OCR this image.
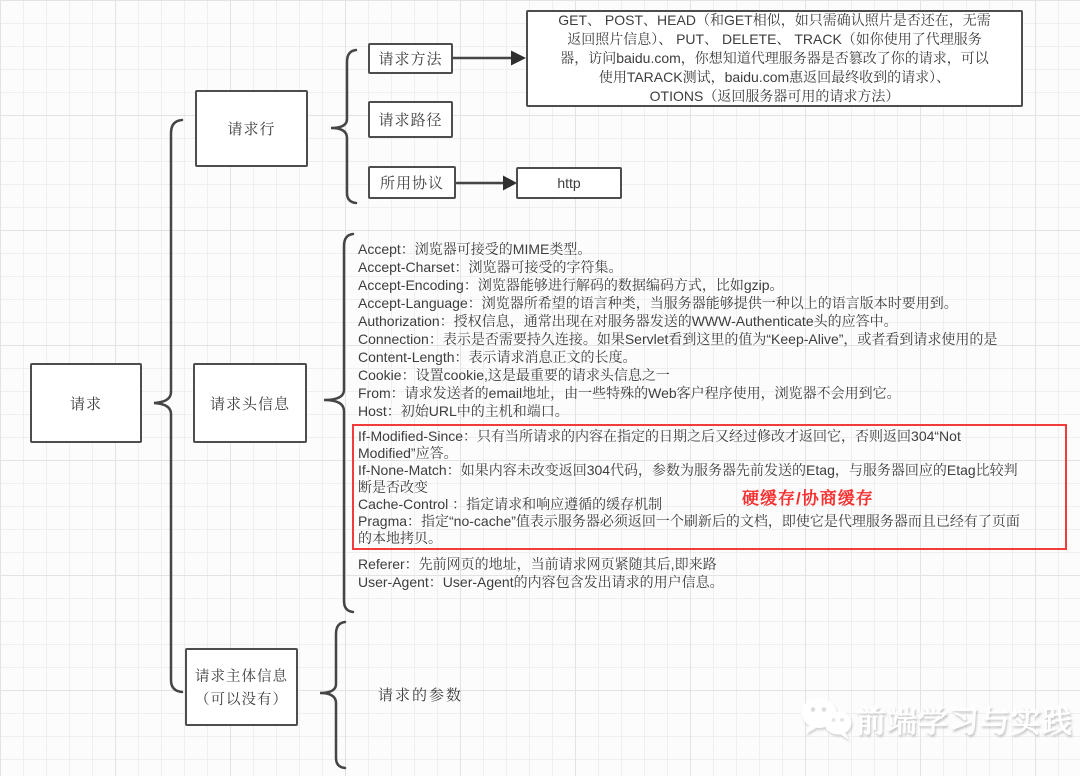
请求
请求行
请求方法
请求路径
所用协议	http
GET、 POST、HEAD（和GET相似，如只需确认照片是否还在，无需
返回照片信息）、 PUT、 DELETE、 TRACK（如你使用了代理服务
器，访问baidu.com，你想知道代理服务器是否篡改了你的请求，可以
使用TARACK测试，baidu.com惠返回最终收到的请求）、
OTIONS（返回服务器可用的请求方法）
请求头信息
请求主体信息
（可以没有）
Accept：浏览器可接受的MIME类型。
Accept-Charset：浏览器可接受的字符集。
Accept-Encoding：浏览器能够进行解码的数据编码方式，比如gzip。
Accept-Language：浏览器所希望的语言种类，当服务器能够提供一种以上的语言版本时要用到。
Authorization：授权信息，通常出现在对服务器发送的WWW-Authenticate头的应答中。
Connection：表示是否需要持久连接。如果Servlet看到这里的值为“Keep-Alive”，或者看到请求使用的是
Content-Length：表示请求消息正文的长度。
Cookie：设置cookie,这是最重要的请求头信息之一
From：请求发送者的email地址，由一些特殊的Web客户程序使用，浏览器不会用到它。
Host：初始URL中的主机和端口。
If-Modified-Since：只有当所请求的内容在指定的日期之后又经过修改才返回它，否则返回304“Not
Modified”应答。
If-None-Match：如果内容未改变返回304代码，参数为服务器先前发送的Etag，与服务器回应的Etag比较判
断是否改变
Cache-Control ：指定请求和响应遵循的缓存机制
Pragma：指定“no-cache”值表示服务器必须返回一个刷新后的文档，即使它是代理服务器而且已经有了页面
的本地拷贝。
硬缓存/协商缓存
Referer：先前网页的地址，当前请求网页紧随其后,即来路
User-Agent：User-Agent的内容包含发出请求的用户信息。
请求的参数
前端学习与实践
